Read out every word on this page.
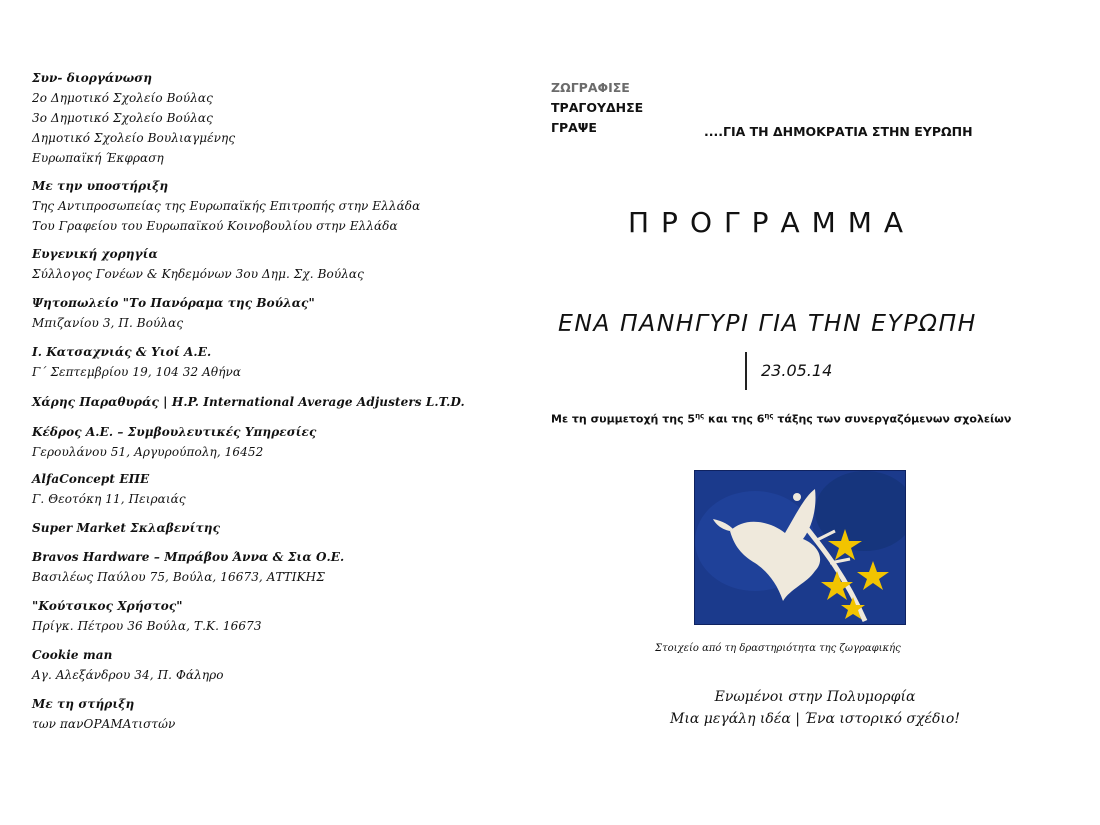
Συν- διοργάνωση
2ο Δημοτικό Σχολείο Βούλας
3ο Δημοτικό Σχολείο Βούλας
Δημοτικό Σχολείο Βουλιαγμένης
Ευρωπαϊκή Έκφραση
Με την υποστήριξη
Της Αντιπροσωπείας της Ευρωπαϊκής Επιτροπής στην Ελλάδα
Του Γραφείου του Ευρωπαϊκού Κοινοβουλίου στην Ελλάδα
Ευγενική χορηγία
Σύλλογος Γονέων & Κηδεμόνων 3ου Δημ. Σχ. Βούλας
Ψητοπωλείο "Το Πανόραμα της Βούλας"
Μπιζανίου 3, Π. Βούλας
Ι. Κατσαχνιάς & Υιοί Α.Ε.
Γ΄ Σεπτεμβρίου 19, 104 32 Αθήνα
Χάρης Παραθυράς | H.P. International Average Adjusters L.T.D.
Κέδρος Α.Ε. – Συμβουλευτικές Υπηρεσίες
Γερουλάνου 51, Αργυρούπολη, 16452
AlfaConcept ΕΠΕ
Γ. Θεοτόκη 11, Πειραιάς
Super Market Σκλαβενίτης
Bravos Hardware – Μπράβου Άννα & Σια Ο.Ε.
Βασιλέως Παύλου 75, Βούλα, 16673, ΑΤΤΙΚΗΣ
"Κούτσικος Χρήστος"
Πρίγκ. Πέτρου 36 Βούλα, Τ.Κ. 16673
Cookie man
Αγ. Αλεξάνδρου 34, Π. Φάληρο
Με τη στήριξη
των πανΟΡΑΜΑτιστών
ΖΩΓΡΑΦΙΣΕ
ΤΡΑΓΟΥΔΗΣΕ
ΓΡΑΨΕ	....ΓΙΑ ΤΗ ΔΗΜΟΚΡΑΤΙΑ ΣΤΗΝ ΕΥΡΩΠΗ
ΠΡΟΓΡΑΜΜΑ
ΕΝΑ ΠΑΝΗΓΥΡΙ ΓΙΑ ΤΗΝ ΕΥΡΩΠΗ
23.05.14
Με τη συμμετοχή της $5^{\eta\varsigma}$ και της $6^{\eta\varsigma}$ τάξης των συνεργαζόμενων σχολείων
Στοιχείο από τη δραστηριότητα της ζωγραφικής
Ενωμένοι στην Πολυμορφία
Μια μεγάλη ιδέα | Ένα ιστορικό σχέδιο!
